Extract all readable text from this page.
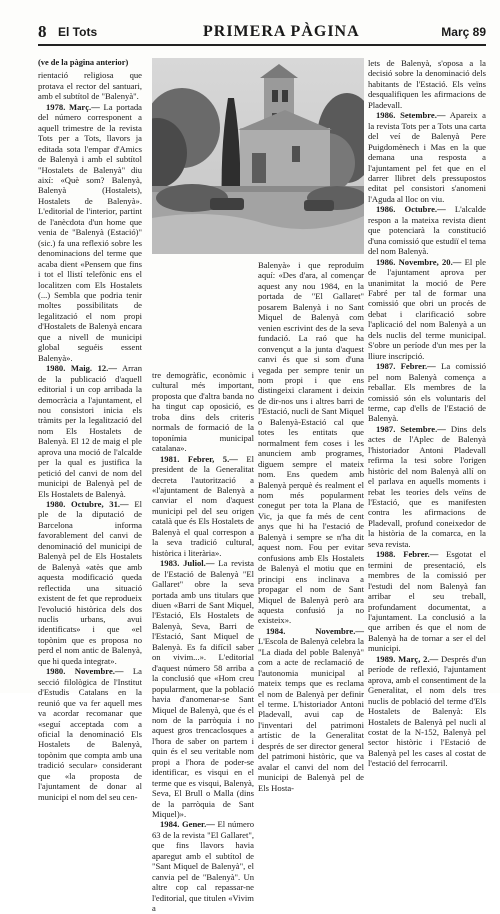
8 El Tots	PRIMERA PÀGINA	Març 89

(ve de la pàgina anterior)

rientació religiosa que protava el rector del santuari, amb el subtítol de "Balenyà".

1978. Març.— La portada del número corresponent a aquell trimestre de la revista Tots per a Tots, llavors ja editada sota l'empar d'Amics de Balenyà i amb el subtítol "Hostalets de Balenyà" diu així: «Què som? Balenyà, Balenyà (Hostalets), Hostalets de Balenyà». L'editorial de l'interior, partint de l'anècdota d'un home que venia de "Balenyà (Estació)" (sic.) fa una reflexió sobre les denominacions del terme que acaba dient «Pensem que fins i tot el llistí telefònic ens el localitzen com Els Hostalets (...) Sembla que podria tenir moltes possibilitats de legalització el nom propi d'Hostalets de Balenyà encara que a nivell de municipi global seguéis essent Balenyà».

1980. Maig. 12.— Arran de la publicació d'aquell editorial i un cop arribada la democràcia a l'ajuntament, el nou consistori inicia els tràmits per la legalització del nom Els Hostalets de Balenyà. El 12 de maig el ple aprova una moció de l'alcalde per la qual es justifica la petició del canvi de nom del municipi de Balenyà pel de Els Hostalets de Balenyà.

1980. Octubre, 31.— El ple de la diputació de Barcelona informa favorablement del canvi de denominació del municipi de Balenyà pel de Els Hostalets de Balenyà «atès que amb aquesta modificació queda reflectida una situació existent de fet que reprodueix l'evolució històrica dels dos nuclis urbans, avui identificats» i que «el topònim que es proposa no perd el nom antic de Balenyà, que hi queda integrat».

1980. Novembre.— La secció filològica de l'Institut d'Estudis Catalans en la reunió que va fer aquell mes va acordar recomanar que «seguí acceptada com a oficial la denominació Els Hostalets de Balenyà, topònim que compta amb una tradició secular» considerant que «la proposta de l'ajuntament de donar al municipi el nom del seu cen-

tre demogràfic, econòmic i cultural més important, proposta que d'altra banda no ha tingut cap oposició, es troba dins dels criteris normals de formació de la toponímia municipal catalana».

1981. Febrer, 5.— El president de la Generalitat decreta l'autorització a «l'ajuntament de Balenyà a canviar el nom d'aquest municipi pel del seu origen català que és Els Hostalets de Balenyà el qual correspon a la seva tradició cultural, històrica i literària».

1983. Juliol.— La revista de l'Estació de Balenyà "El Gallaret" obre la seva portada amb uns titulars que diuen «Barri de Sant Miquel, l'Estació, Els Hostalets de Balenyà, Seva, Barri de l'Estació, Sant Miquel de Balenyà. Es fa difícil saber on vivim...». L'editorial d'aquest número 58 arriba a la conclusió que «Hom creu popularment, que la població havia d'anomenar-se Sant Miquel de Balenyà, que és el nom de la parròquia i no aquest gros trencaclosques a l'hora de saber on partem i quin és el seu veritable nom propi a l'hora de poder-se identificar, es visqui en el terme que es visqui, Balenyà, Seva, El Brull o Malla (dins de la parròquia de Sant Miquel)».

1984. Gener.— El número 63 de la revista "El Gallaret", que fins llavors havia aparegut amb el subtítol de "Sant Miquel de Balenyà", el canvia pel de "Balenyà". Un altre cop cal repassar-ne l'editorial, que titulen «Vivim a

Balenyà» i que reproduïm aquí: «Des d'ara, al començar aquest any nou 1984, en la portada de "El Gallaret" posarem Balenyà i no Sant Miquel de Balenyà com venien escrivint des de la seva fundació. La raó que ha convençut a la junta d'aquest canvi és que si som d'una vegada per sempre tenir un nom propi i que ens distingeixi clarament i deixin de dir-nos uns i altres barri de l'Estació, nucli de Sant Miquel o Balenyà-Estació cal que totes les entitats que normalment fem coses i les anunciem amb programes, diguem sempre el mateix nom. Ens quedem amb Balenyà perquè és realment el nom més popularment conegut per tota la Plana de Vic, ja que fa més de cent anys que hi ha l'estació de Balenyà i sempre se n'ha dit aquest nom. Fou per evitar confusions amb Els Hostalets de Balenyà el motiu que en principi ens inclinava a propagar el nom de Sant Miquel de Balenyà però ara aquesta confusió ja no existeix».

1984. Novembre.— L'Escola de Balenyà celebra la "La diada del poble Balenyà" com a acte de reclamació de l'autonomia municipal al mateix temps que es reclama el nom de Balenyà per definir el terme. L'historiador Antoni Pladevall, avui cap de l'inventari del patrimoni artístic de la Generalitat després de ser director general del patrimoni històric, que va avalar el canvi del nom del municipi de Balenyà pel de Els Hosta-

lets de Balenyà, s'oposa a la decisió sobre la denominació dels habitants de l'Estació. Els veïns desqualifiquen les afirmacions de Pladevall.

1986. Setembre.— Apareix a la revista Tots per a Tots una carta del veí de Balenyà Pere Puigdomènech i Mas en la que demana una resposta a l'ajuntament pel fet que en el darrer llibret dels pressupostos editat pel consistori s'anomeni l'Aguda al lloc on viu.

1986. Octubre.— L'alcalde respon a la mateixa revista dient que potenciarà la constitució d'una comissió que estudiï el tema del nom Balenyà.

1986. Novembre, 20.— El ple de l'ajuntament aprova per unanimitat la moció de Pere Fabré per tal de formar una comissió que obri un procés de debat i clarificació sobre l'aplicació del nom Balenyà a un dels nuclis del terme municipal. S'obre un període d'un mes per la lliure inscripció.

1987. Febrer.— La comissió pel nom Balenyà comença a reballar. Els membres de la comissió són els voluntaris del terme, cap d'ells de l'Estació de Balenyà.

1987. Setembre.— Dins dels actes de l'Aplec de Balenyà l'historiador Antoni Pladevall refirma la tesi sobre l'origen històric del nom Balenyà allí on el parlava en aquells moments i rebat les teories dels veïns de l'Estació, que es manifesten contra les afirmacions de Pladevall, profund coneixedor de la història de la comarca, en la seva revista.

1988. Febrer.— Esgotat el termini de presentació, els membres de la comissió per l'estudi del nom Balenyà fan arribar el seu treball, profundament documentat, a l'ajuntament. La conclusió a la que arriben és que el nom de Balenyà ha de tornar a ser el del municipi.

1989. Març, 2.— Després d'un període de reflexió, l'ajuntament aprova, amb el consentiment de la Generalitat, el nom dels tres nuclis de població del terme d'Els Hostalets de Balenyà: Els Hostalets de Balenyà pel nucli al costat de la N-152, Balenyà pel sector històric i l'Estació de Balenyà pel les cases al costat de l'estació del ferrocarril.
